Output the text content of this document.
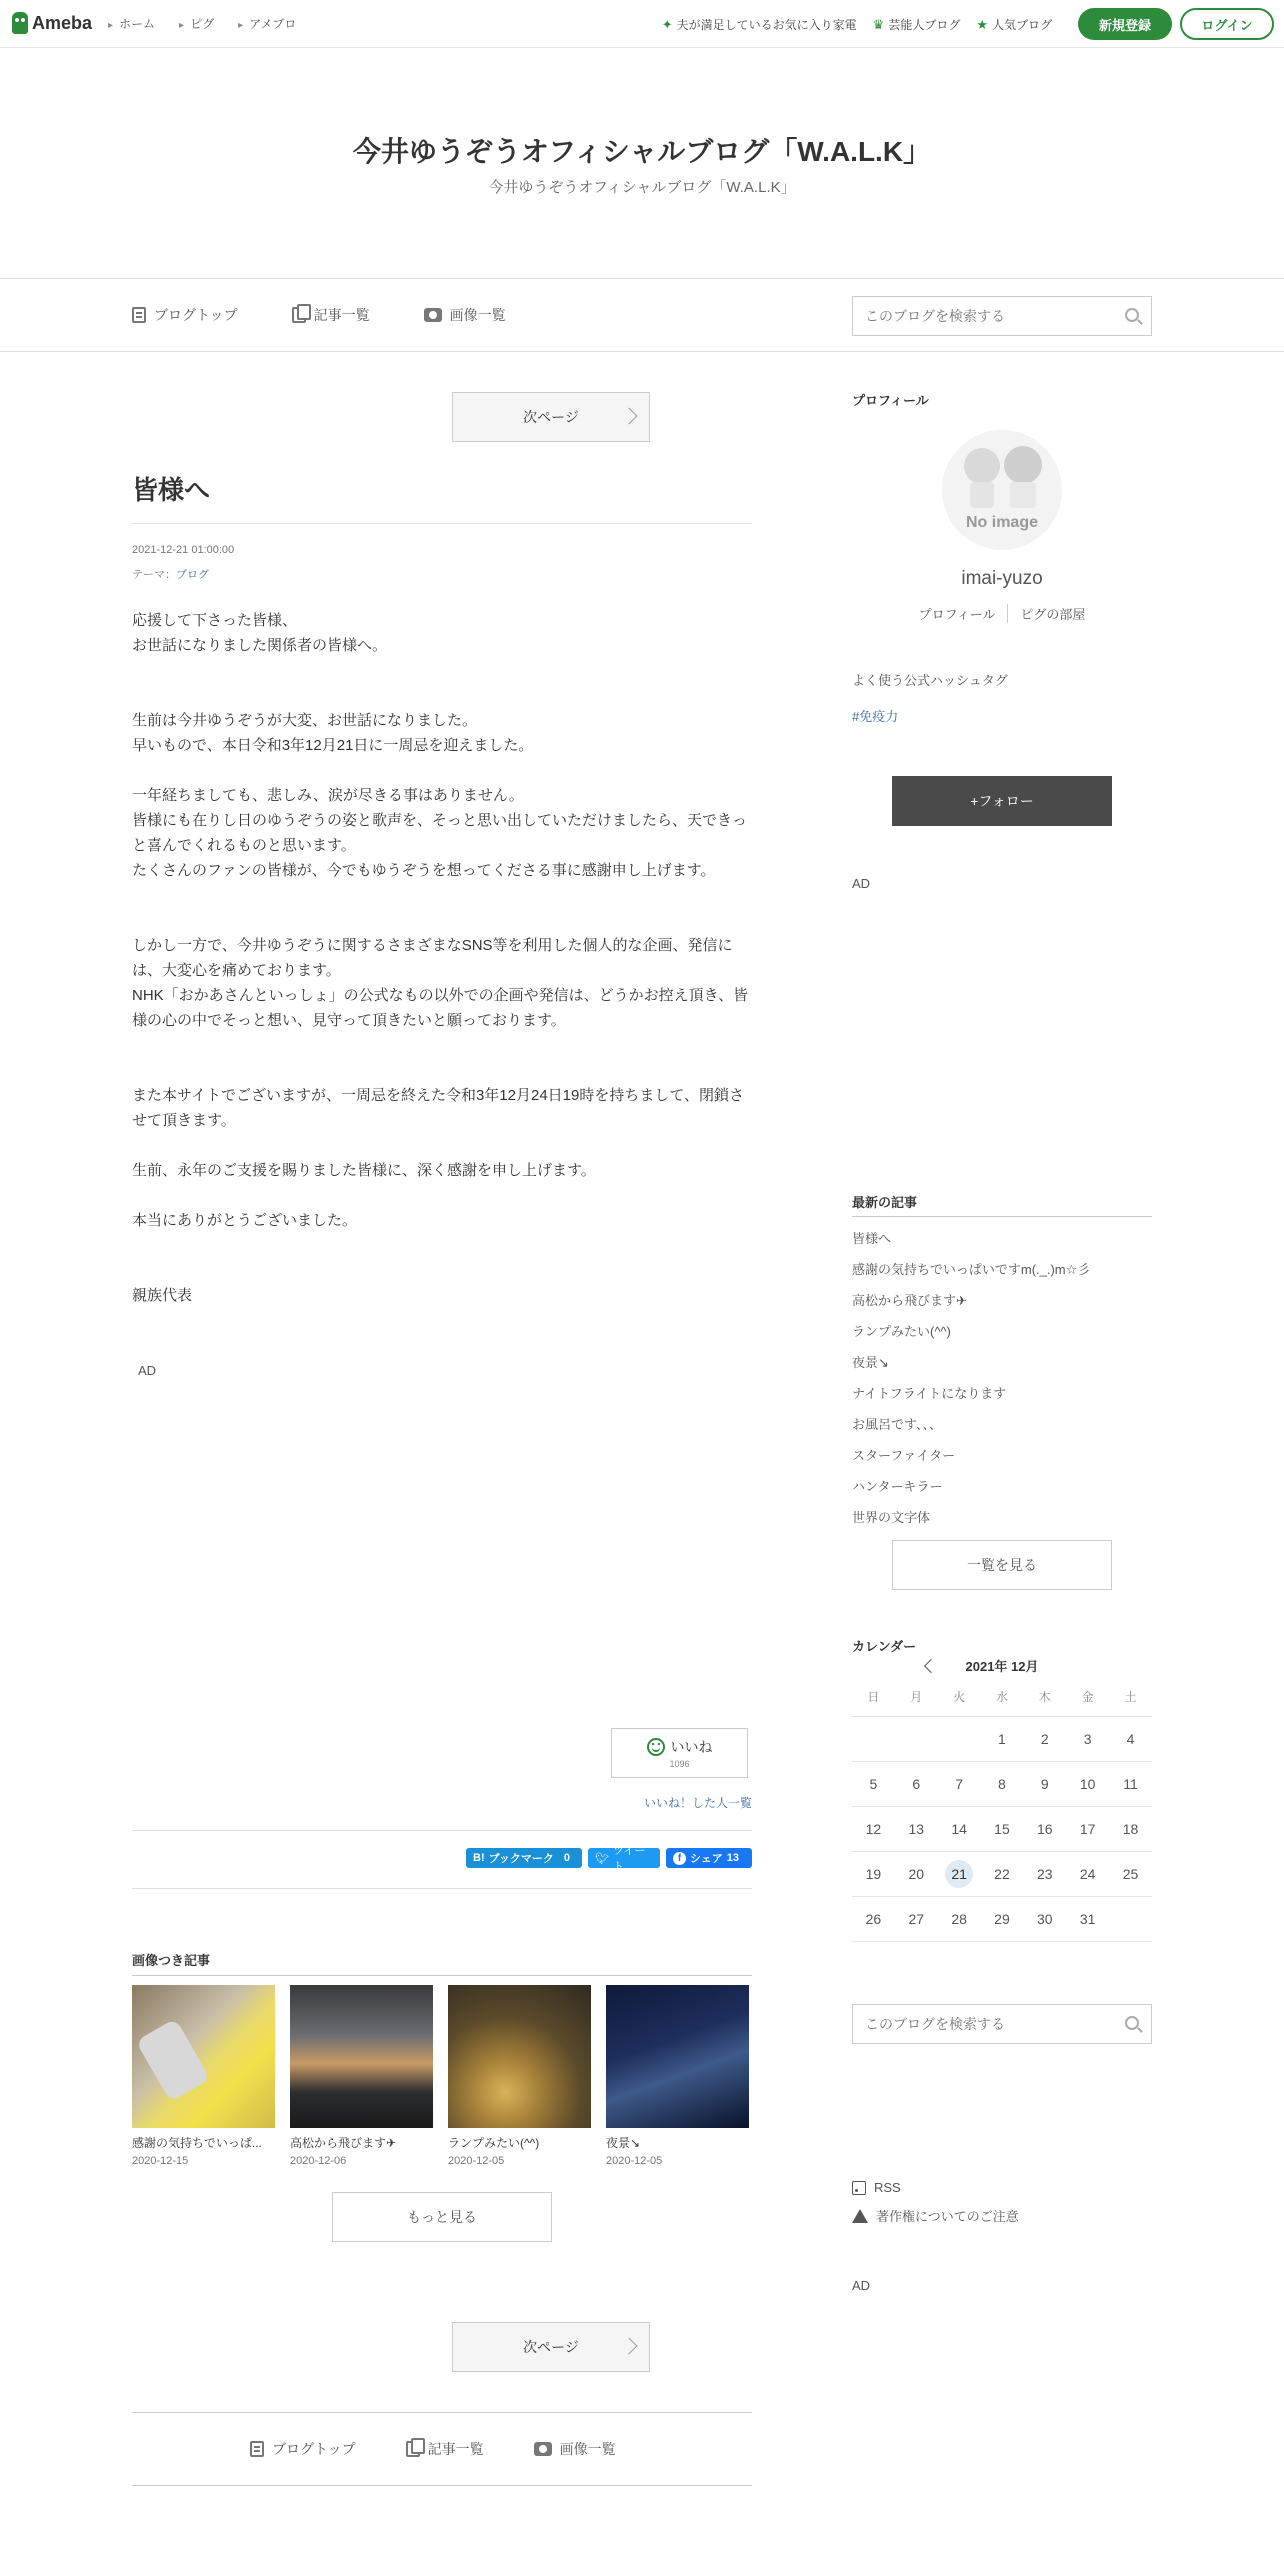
Ameba	▸ ホーム	▸ ピグ	▸ アメブロ	✦ 夫が満足しているお気に入り家電 ♛ 芸能人ブログ ★ 人気ブログ	新規登録	ログイン
今井ゆうぞうオフィシャルブログ「W.A.L.K」
今井ゆうぞうオフィシャルブログ「W.A.L.K」
ブログトップ	記事一覧	画像一覧
このブログを検索する
次ページ
皆様へ
2021-12-21 01:00:00
テーマ：ブログ

応援して下さった皆様、

お世話になりました関係者の皆様へ。

生前は今井ゆうぞうが大変、お世話になりました。

早いもので、本日令和3年12月21日に一周忌を迎えました。

一年経ちましても、悲しみ、涙が尽きる事はありません。

皆様にも在りし日のゆうぞうの姿と歌声を、そっと思い出していただけましたら、天できっと喜んでくれるものと思います。

たくさんのファンの皆様が、今でもゆうぞうを想ってくださる事に感謝申し上げます。

しかし一方で、今井ゆうぞうに関するさまざまなSNS等を利用した個人的な企画、発信には、大変心を痛めております。

NHK「おかあさんといっしょ」の公式なもの以外での企画や発信は、どうかお控え頂き、皆様の心の中でそっと想い、見守って頂きたいと願っております。

また本サイトでございますが、一周忌を終えた令和3年12月24日19時を持ちまして、閉鎖させて頂きます。

生前、永年のご支援を賜りました皆様に、深く感謝を申し上げます。

本当にありがとうございました。

親族代表

AD

いいね
1096
いいね！した人一覧
B! ブックマーク 0 🐦︎
ツイート
f シェア 13
画像つき記事
感謝の気持ちでいっぱ...
2020-12-15
高松から飛びます✈
2020-12-06
ランプみたい(^^)
2020-12-05
夜景↘
2020-12-05
もっと見る
次ページ
ブログトップ	記事一覧	画像一覧
プロフィール
No image
imai-yuzo
プロフィール	ピグの部屋
よく使う公式ハッシュタグ
#免疫力
+フォロー
AD
最新の記事
皆様へ
感謝の気持ちでいっぱいですm(._.)m☆彡
高松から飛びます✈
ランプみたい(^^)
夜景↘
ナイトフライトになります
お風呂です、、、
スターファイター
ハンターキラー
世界の文字体
一覧を見る
カレンダー
2021年 12月
日	月	火	水	木	金	土
			1	2	3	4
5	6	7	8	9	10	11
12	13	14	15	16	17	18
19	20	21	22	23	24	25
26	27	28	29	30	31	
このブログを検索する
RSS
著作権についてのご注意
AD
